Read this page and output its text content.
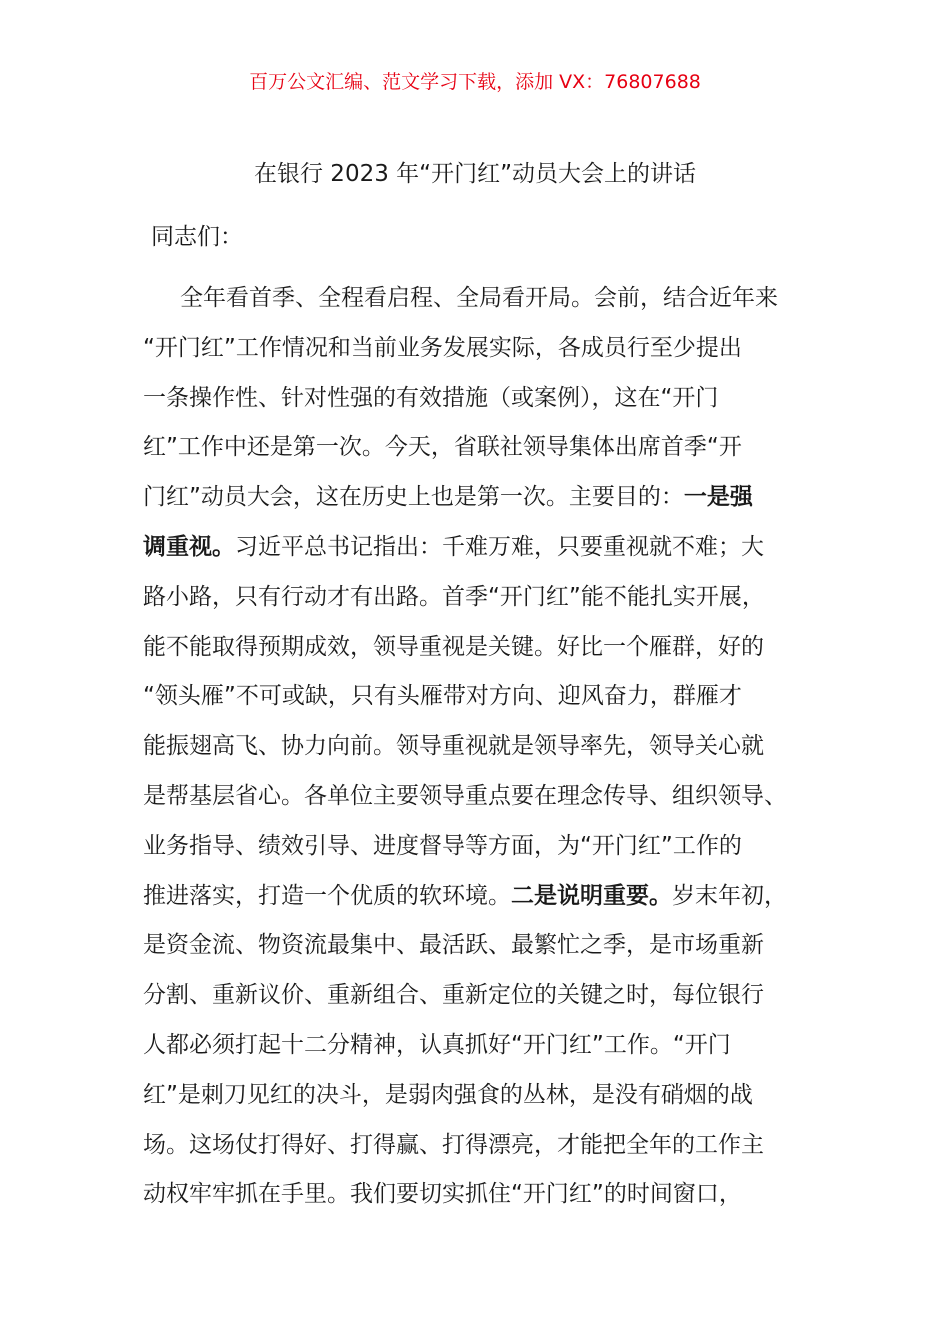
百万公文汇编、范文学习下载，添加 VX：76807688
在银行 2023 年“开门红”动员大会上的讲话
同志们：
全年看首季、全程看启程、全局看开局。会前，结合近年来
“开门红”工作情况和当前业务发展实际，各成员行至少提出
一条操作性、针对性强的有效措施（或案例），这在“开门
红”工作中还是第一次。今天，省联社领导集体出席首季“开
门红”动员大会，这在历史上也是第一次。主要目的：一是强
调重视。习近平总书记指出：千难万难，只要重视就不难；大
路小路，只有行动才有出路。首季“开门红”能不能扎实开展，
能不能取得预期成效，领导重视是关键。好比一个雁群，好的
“领头雁”不可或缺，只有头雁带对方向、迎风奋力，群雁才
能振翅高飞、协力向前。领导重视就是领导率先，领导关心就
是帮基层省心。各单位主要领导重点要在理念传导、组织领导、
业务指导、绩效引导、进度督导等方面，为“开门红”工作的
推进落实，打造一个优质的软环境。二是说明重要。岁末年初，
是资金流、物资流最集中、最活跃、最繁忙之季，是市场重新
分割、重新议价、重新组合、重新定位的关键之时，每位银行
人都必须打起十二分精神，认真抓好“开门红”工作。“开门
红”是刺刀见红的决斗，是弱肉强食的丛林，是没有硝烟的战
场。这场仗打得好、打得赢、打得漂亮，才能把全年的工作主
动权牢牢抓在手里。我们要切实抓住“开门红”的时间窗口，
